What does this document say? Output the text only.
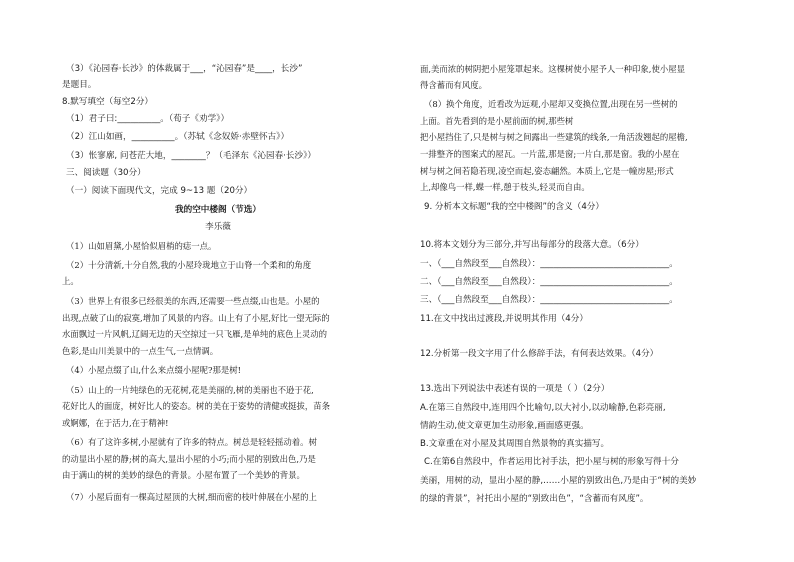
（3）《沁园春·长沙》的体裁属于___，“沁园春”是____，长沙”
是题目。
8.默写填空（每空2分）
（1）君子曰:__________。（荀子《劝学》）
（2）江山如画，__________。（苏轼《念奴娇·赤壁怀古》）
（3）怅寥廓, 问苍茫大地，________？（毛泽东《沁园春·长沙》）
三、阅读题（30分）
（一）阅读下面现代文，完成 9~13 题（20分）
我的空中楼阁（节选）
李乐薇
（1）山如眉黛,小屋恰似眉梢的痣一点。
（2）十分清新,十分自然,我的小屋玲珑地立于山脊一个柔和的角度
上。
（3）世界上有很多已经很美的东西,还需要一些点缀,山也是。小屋的
出现,点破了山的寂寞,增加了风景的内容。山上有了小屋,好比一望无际的
水面飘过一片风帆,辽阔无边的天空掠过一只飞雁,是单纯的底色上灵动的
色彩,是山川美景中的一点生气,一点情调。
（4）小屋点缀了山,什么来点缀小屋呢?那是树!
（5）山上的一片纯绿色的无花树,花是美丽的,树的美丽也不逊于花,
花好比人的面庞，树好比人的姿态。树的美在于姿势的清健或挺拔，苗条
或婀娜，在于活力,在于精神!
（6）有了这许多树,小屋就有了许多的特点。树总是轻轻摇动着。树
的动显出小屋的静;树的高大,显出小屋的小巧;而小屋的别致出色,乃是
由于满山的树的美妙的绿色的背景。小屋布置了一个美妙的背景。
（7）小屋后面有一棵高过屋顶的大树,细而密的枝叶伸展在小屋的上
面,美而浓的树阴把小屋笼罩起来。这棵树使小屋予人一种印象,使小屋显
得含蓄而有风度。
（8）换个角度，近看改为远观,小屋却又变换位置,出现在另一些树的
上面。首先看到的是小屋前面的树,那些树
把小屋挡住了,只是树与树之间露出一些建筑的线条,一角活泼翘起的屋檐,
一排整齐的图案式的屋瓦。一片蓝,那是窗;一片白,那是窗。我的小屋在
树与树之间若隐若现,凌空而起,姿态翩然。本质上,它是一幢房屋;形式
上,却像鸟一样,蝶一样,憩于枝头,轻灵而自由。
9. 分析本文标题“我的空中楼阁”的含义（4分）
10.将本文划分为三部分,并写出每部分的段落大意。（6分）
一、（___自然段至___自然段）：______________________________。
二、（___自然段至___自然段）：______________________________。
三、（___自然段至___自然段）：______________________________。
11.在文中找出过渡段,并说明其作用（4分）
12.分析第一段文字用了什么修辞手法，有何表达效果。（4分）
13.选出下列说法中表述有误的一项是（ ）（2分）
A.在第三自然段中,连用四个比喻句,以大衬小,以动喻静,色彩亮丽,
情韵生动,使文章更加生动形象,画面感更强。
B.文章重在对小屋及其周围自然景物的真实描写。
C.在第6自然段中，作者运用比衬手法，把小屋与树的形象写得十分
美丽，用树的动，显出小屋的静,……小屋的别致出色,乃是由于“树的美妙
的绿的背景”，衬托出小屋的“别致出色”，“含蓄而有风度”。
